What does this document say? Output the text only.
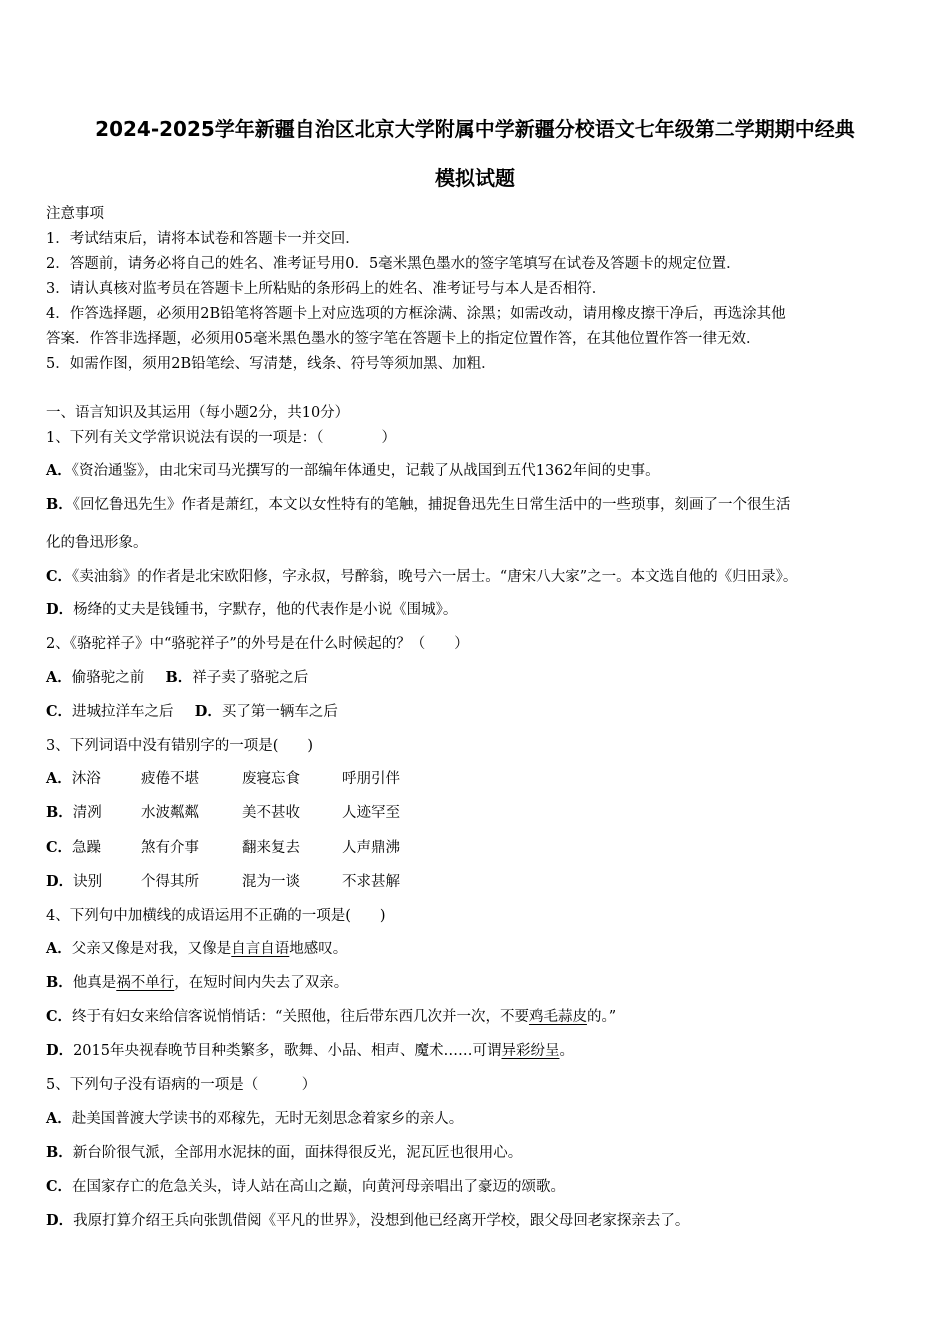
2024-2025学年新疆自治区北京大学附属中学新疆分校语文七年级第二学期期中经典
模拟试题
注意事项
1．考试结束后，请将本试卷和答题卡一并交回．
2．答题前，请务必将自己的姓名、准考证号用0．5毫米黑色墨水的签字笔填写在试卷及答题卡的规定位置．
3．请认真核对监考员在答题卡上所粘贴的条形码上的姓名、准考证号与本人是否相符．
4．作答选择题，必须用2B铅笔将答题卡上对应选项的方框涂满、涂黑；如需改动，请用橡皮擦干净后，再选涂其他
答案．作答非选择题，必须用05毫米黑色墨水的签字笔在答题卡上的指定位置作答，在其他位置作答一律无效．
5．如需作图，须用2B铅笔绘、写清楚，线条、符号等须加黑、加粗．
一、语言知识及其运用（每小题2分，共10分）
1、下列有关文学常识说法有误的一项是：（　　　　）
A．《资治通鉴》，由北宋司马光撰写的一部编年体通史，记载了从战国到五代1362年间的史事。
B．《回忆鲁迅先生》作者是萧红，本文以女性特有的笔触，捕捉鲁迅先生日常生活中的一些琐事，刻画了一个很生活
化的鲁迅形象。
C．《卖油翁》的作者是北宋欧阳修，字永叔，号醉翁，晚号六一居士。“唐宋八大家”之一。本文选自他的《归田录》。
D．杨绛的丈夫是钱锺书，字默存，他的代表作是小说《围城》。
2、《骆驼祥子》中“骆驼祥子”的外号是在什么时候起的？（　　）
A．偷骆驼之前 B．祥子卖了骆驼之后
C．进城拉洋车之后 D．买了第一辆车之后
3、下列词语中没有错别字的一项是(　　)
A．沐浴	疲倦不堪	废寝忘食	呼朋引伴
B．清冽	水波粼粼	美不甚收	人迹罕至
C．急躁	煞有介事	翻来复去	人声鼎沸
D．诀别	个得其所	混为一谈	不求甚解
4、下列句中加横线的成语运用不正确的一项是(　　)
A．父亲又像是对我，又像是自言自语地感叹。
B．他真是祸不单行，在短时间内失去了双亲。
C．终于有妇女来给信客说悄悄话：“关照他，往后带东西几次并一次，不要鸡毛蒜皮的。”
D．2015年央视春晚节目种类繁多，歌舞、小品、相声、魔术……可谓异彩纷呈。
5、下列句子没有语病的一项是（　　　）
A．赴美国普渡大学读书的邓稼先，无时无刻思念着家乡的亲人。
B．新台阶很气派，全部用水泥抹的面，面抹得很反光，泥瓦匠也很用心。
C．在国家存亡的危急关头，诗人站在高山之巅，向黄河母亲唱出了豪迈的颂歌。
D．我原打算介绍王兵向张凯借阅《平凡的世界》，没想到他已经离开学校，跟父母回老家探亲去了。
